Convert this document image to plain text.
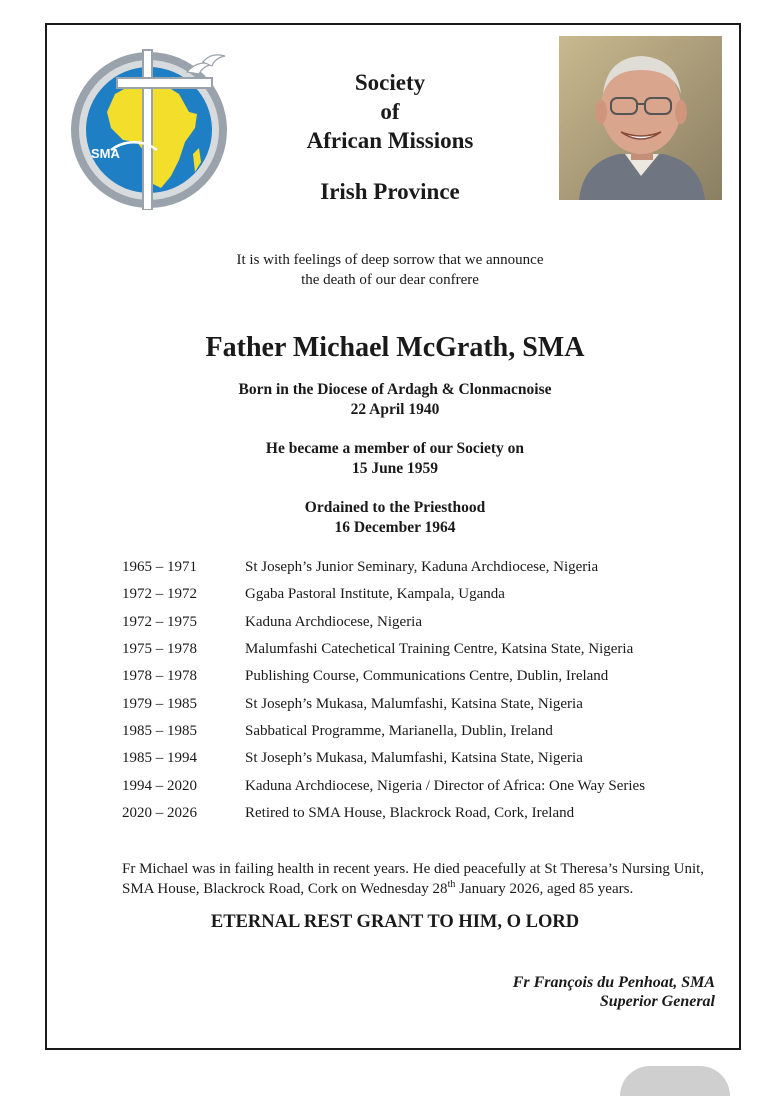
SMA
Society
of
African Missions
Irish Province
It is with feelings of deep sorrow that we announce
the death of our dear confrere
Father Michael McGrath, SMA
Born in the Diocese of Ardagh & Clonmacnoise
22 April 1940
He became a member of our Society on
15 June 1959
Ordained to the Priesthood
16 December 1964
1965 – 1971	St Joseph’s Junior Seminary, Kaduna Archdiocese, Nigeria
1972 – 1972	Ggaba Pastoral Institute, Kampala, Uganda
1972 – 1975	Kaduna Archdiocese, Nigeria
1975 – 1978	Malumfashi Catechetical Training Centre, Katsina State, Nigeria
1978 – 1978	Publishing Course, Communications Centre, Dublin, Ireland
1979 – 1985	St Joseph’s Mukasa, Malumfashi, Katsina State, Nigeria
1985 – 1985	Sabbatical Programme, Marianella, Dublin, Ireland
1985 – 1994	St Joseph’s Mukasa, Malumfashi, Katsina State, Nigeria
1994 – 2020	Kaduna Archdiocese, Nigeria / Director of Africa: One Way Series
2020 – 2026	Retired to SMA House, Blackrock Road, Cork, Ireland
Fr Michael was in failing health in recent years. He died peacefully at St Theresa’s Nursing Unit, SMA House, Blackrock Road, Cork on Wednesday 28th January 2026, aged 85 years.
ETERNAL REST GRANT TO HIM, O LORD
Fr François du Penhoat, SMA
Superior General
